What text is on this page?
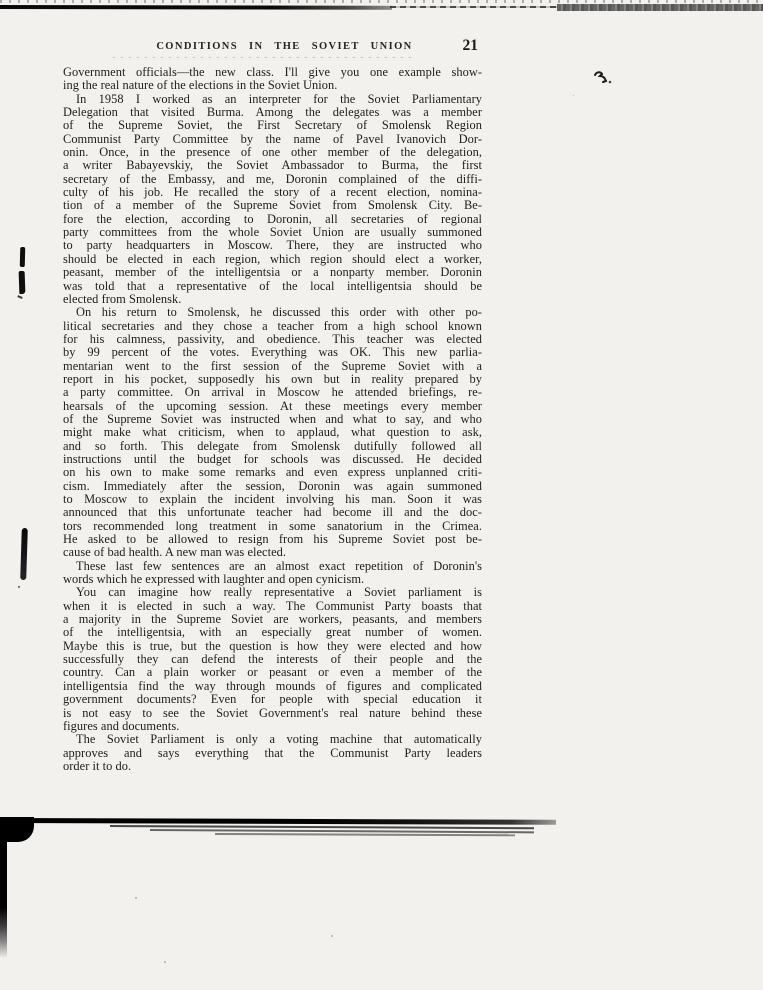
CONDITIONS IN THE SOVIET UNION	21
Government officials—the new class. I'll give you one example show-
ing the real nature of the elections in the Soviet Union.
In 1958 I worked as an interpreter for the Soviet Parliamentary
Delegation that visited Burma. Among the delegates was a member
of the Supreme Soviet, the First Secretary of Smolensk Region
Communist Party Committee by the name of Pavel Ivanovich Dor-
onin. Once, in the presence of one other member of the delegation,
a writer Babayevskiy, the Soviet Ambassador to Burma, the first
secretary of the Embassy, and me, Doronin complained of the diffi-
culty of his job. He recalled the story of a recent election, nomina-
tion of a member of the Supreme Soviet from Smolensk City. Be-
fore the election, according to Doronin, all secretaries of regional
party committees from the whole Soviet Union are usually summoned
to party headquarters in Moscow. There, they are instructed who
should be elected in each region, which region should elect a worker,
peasant, member of the intelligentsia or a nonparty member. Doronin
was told that a representative of the local intelligentsia should be
elected from Smolensk.
On his return to Smolensk, he discussed this order with other po-
litical secretaries and they chose a teacher from a high school known
for his calmness, passivity, and obedience. This teacher was elected
by 99 percent of the votes. Everything was OK. This new parlia-
mentarian went to the first session of the Supreme Soviet with a
report in his pocket, supposedly his own but in reality prepared by
a party committee. On arrival in Moscow he attended briefings, re-
hearsals of the upcoming session. At these meetings every member
of the Supreme Soviet was instructed when and what to say, and who
might make what criticism, when to applaud, what question to ask,
and so forth. This delegate from Smolensk dutifully followed all
instructions until the budget for schools was discussed. He decided
on his own to make some remarks and even express unplanned criti-
cism. Immediately after the session, Doronin was again summoned
to Moscow to explain the incident involving his man. Soon it was
announced that this unfortunate teacher had become ill and the doc-
tors recommended long treatment in some sanatorium in the Crimea.
He asked to be allowed to resign from his Supreme Soviet post be-
cause of bad health. A new man was elected.
These last few sentences are an almost exact repetition of Doronin's
words which he expressed with laughter and open cynicism.
You can imagine how really representative a Soviet parliament is
when it is elected in such a way. The Communist Party boasts that
a majority in the Supreme Soviet are workers, peasants, and members
of the intelligentsia, with an especially great number of women.
Maybe this is true, but the question is how they were elected and how
successfully they can defend the interests of their people and the
country. Can a plain worker or peasant or even a member of the
intelligentsia find the way through mounds of figures and complicated
government documents? Even for people with special education it
is not easy to see the Soviet Government's real nature behind these
figures and documents.
The Soviet Parliament is only a voting machine that automatically
approves and says everything that the Communist Party leaders
order it to do.
